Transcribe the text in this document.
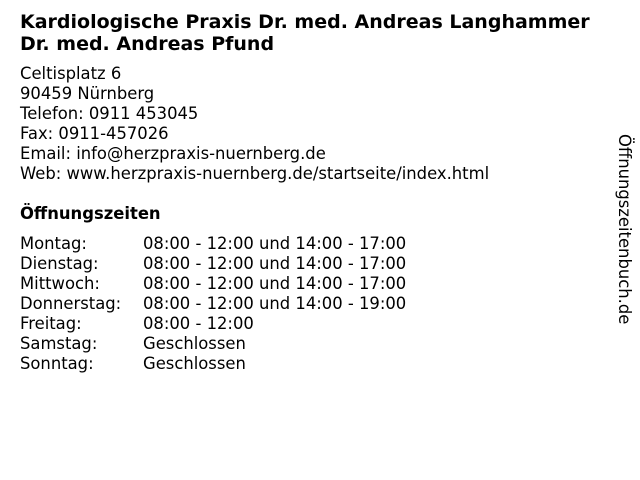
Kardiologische Praxis Dr. med. Andreas Langhammer
Dr. med. Andreas Pfund
Celtisplatz 6
90459 Nürnberg
Telefon: 0911 453045
Fax: 0911-457026
Email: info@herzpraxis-nuernberg.de
Web: www.herzpraxis-nuernberg.de/startseite/index.html
Öffnungszeiten
Montag:	08:00 - 12:00 und 14:00 - 17:00
Dienstag:	08:00 - 12:00 und 14:00 - 17:00
Mittwoch:	08:00 - 12:00 und 14:00 - 17:00
Donnerstag: 08:00 - 12:00 und 14:00 - 19:00
Freitag:	08:00 - 12:00
Samstag:	Geschlossen
Sonntag:	Geschlossen
Öffnungszeitenbuch.de
